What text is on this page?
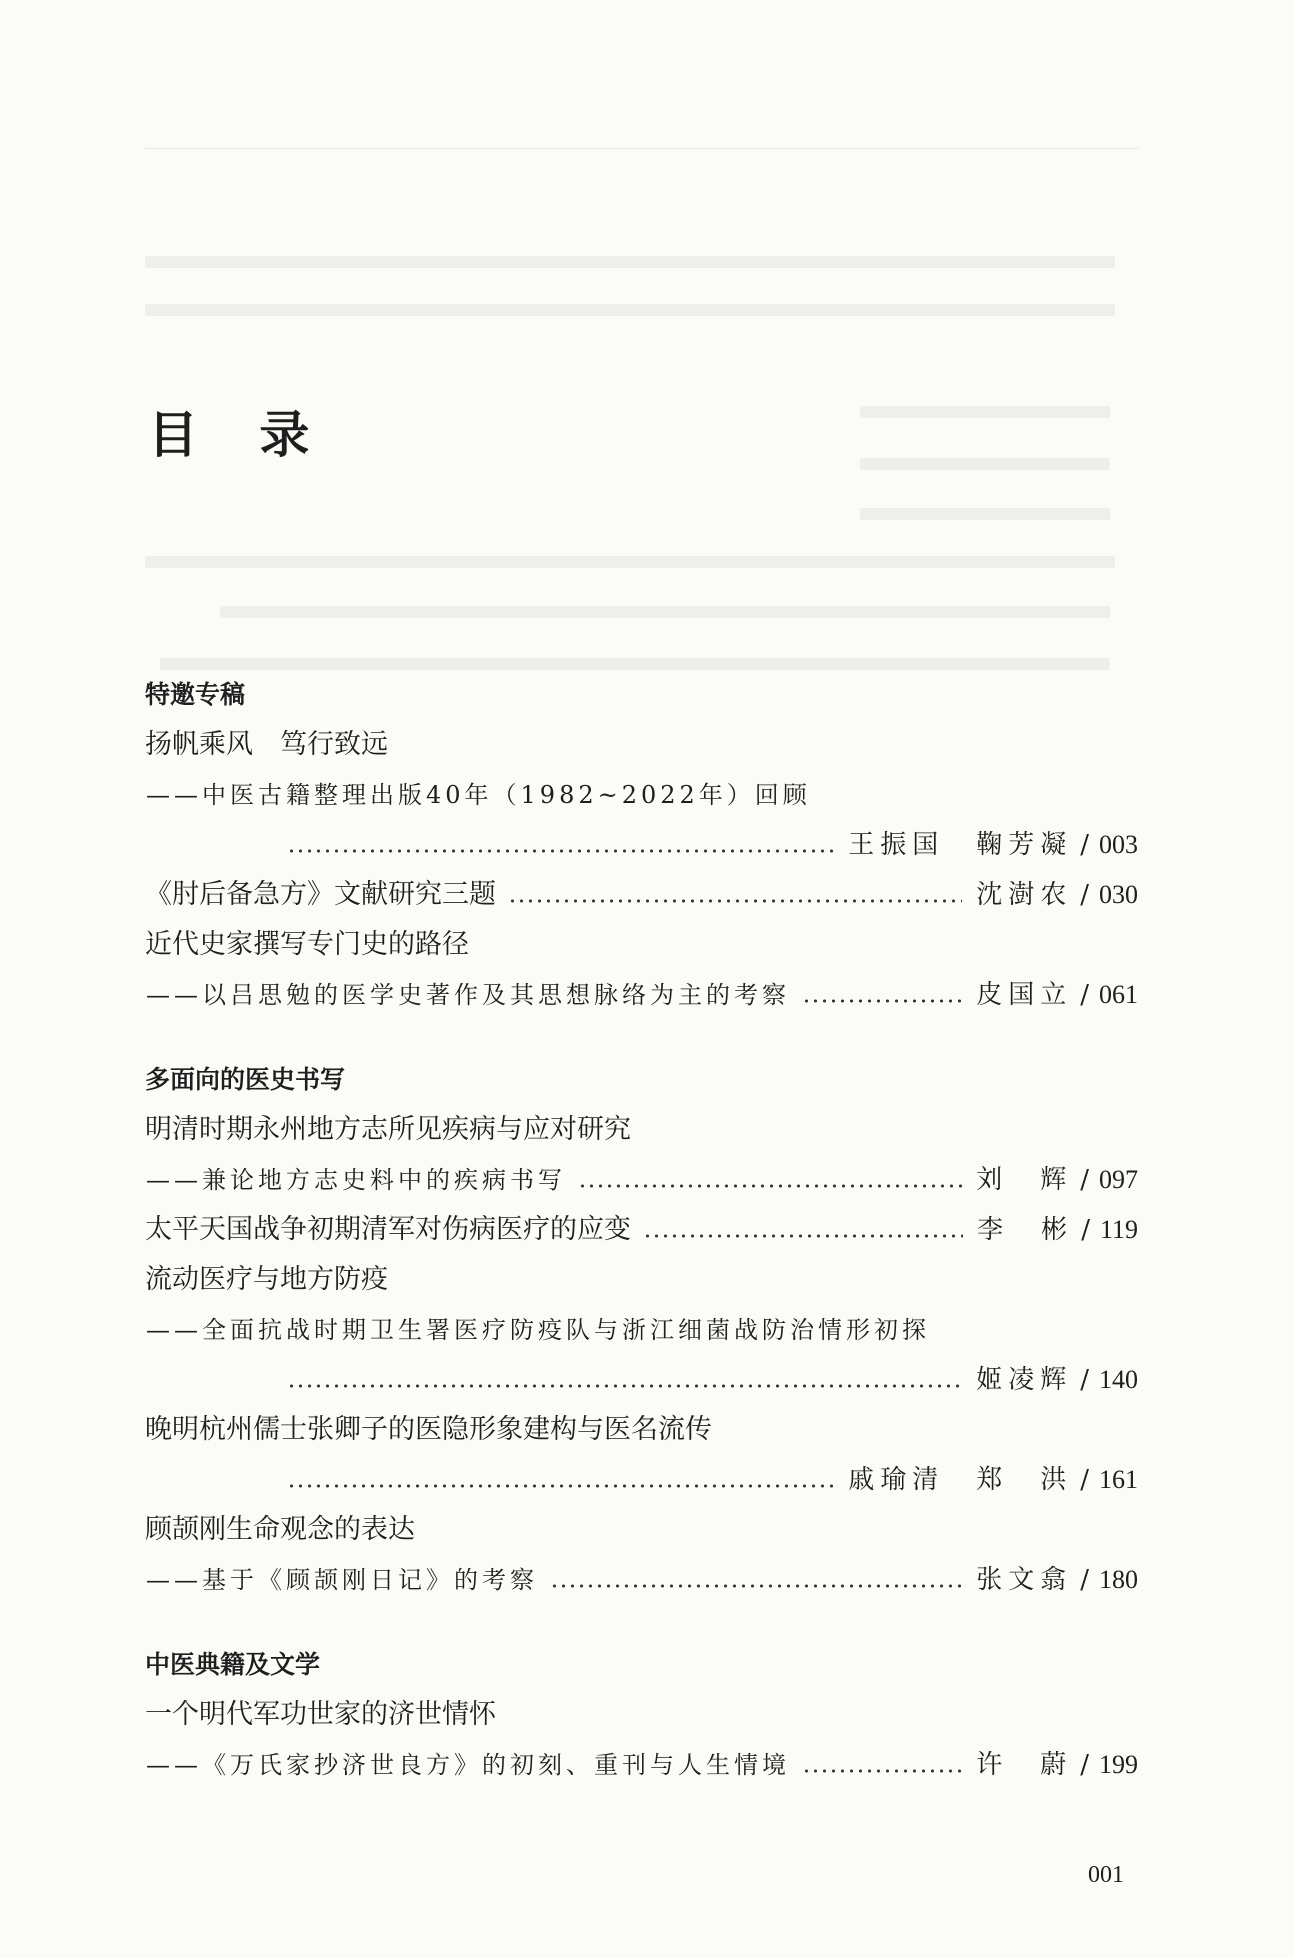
目 录
特邀专稿
扬帆乘风　笃行致远
——中医古籍整理出版40年（1982~2022年）回顾
王振国　鞠芳凝 / 003
《肘后备急方》文献研究三题	沈澍农 / 030
近代史家撰写专门史的路径
——以吕思勉的医学史著作及其思想脉络为主的考察	皮国立 / 061
多面向的医史书写
明清时期永州地方志所见疾病与应对研究
——兼论地方志史料中的疾病书写	刘　辉 / 097
太平天国战争初期清军对伤病医疗的应变	李　彬 / 119
流动医疗与地方防疫
——全面抗战时期卫生署医疗防疫队与浙江细菌战防治情形初探
姬凌辉 / 140
晚明杭州儒士张卿子的医隐形象建构与医名流传
戚瑜清　郑　洪 / 161
顾颉刚生命观念的表达
——基于《顾颉刚日记》的考察	张文翕 / 180
中医典籍及文学
一个明代军功世家的济世情怀
——《万氏家抄济世良方》的初刻、重刊与人生情境	许　蔚 / 199
001
